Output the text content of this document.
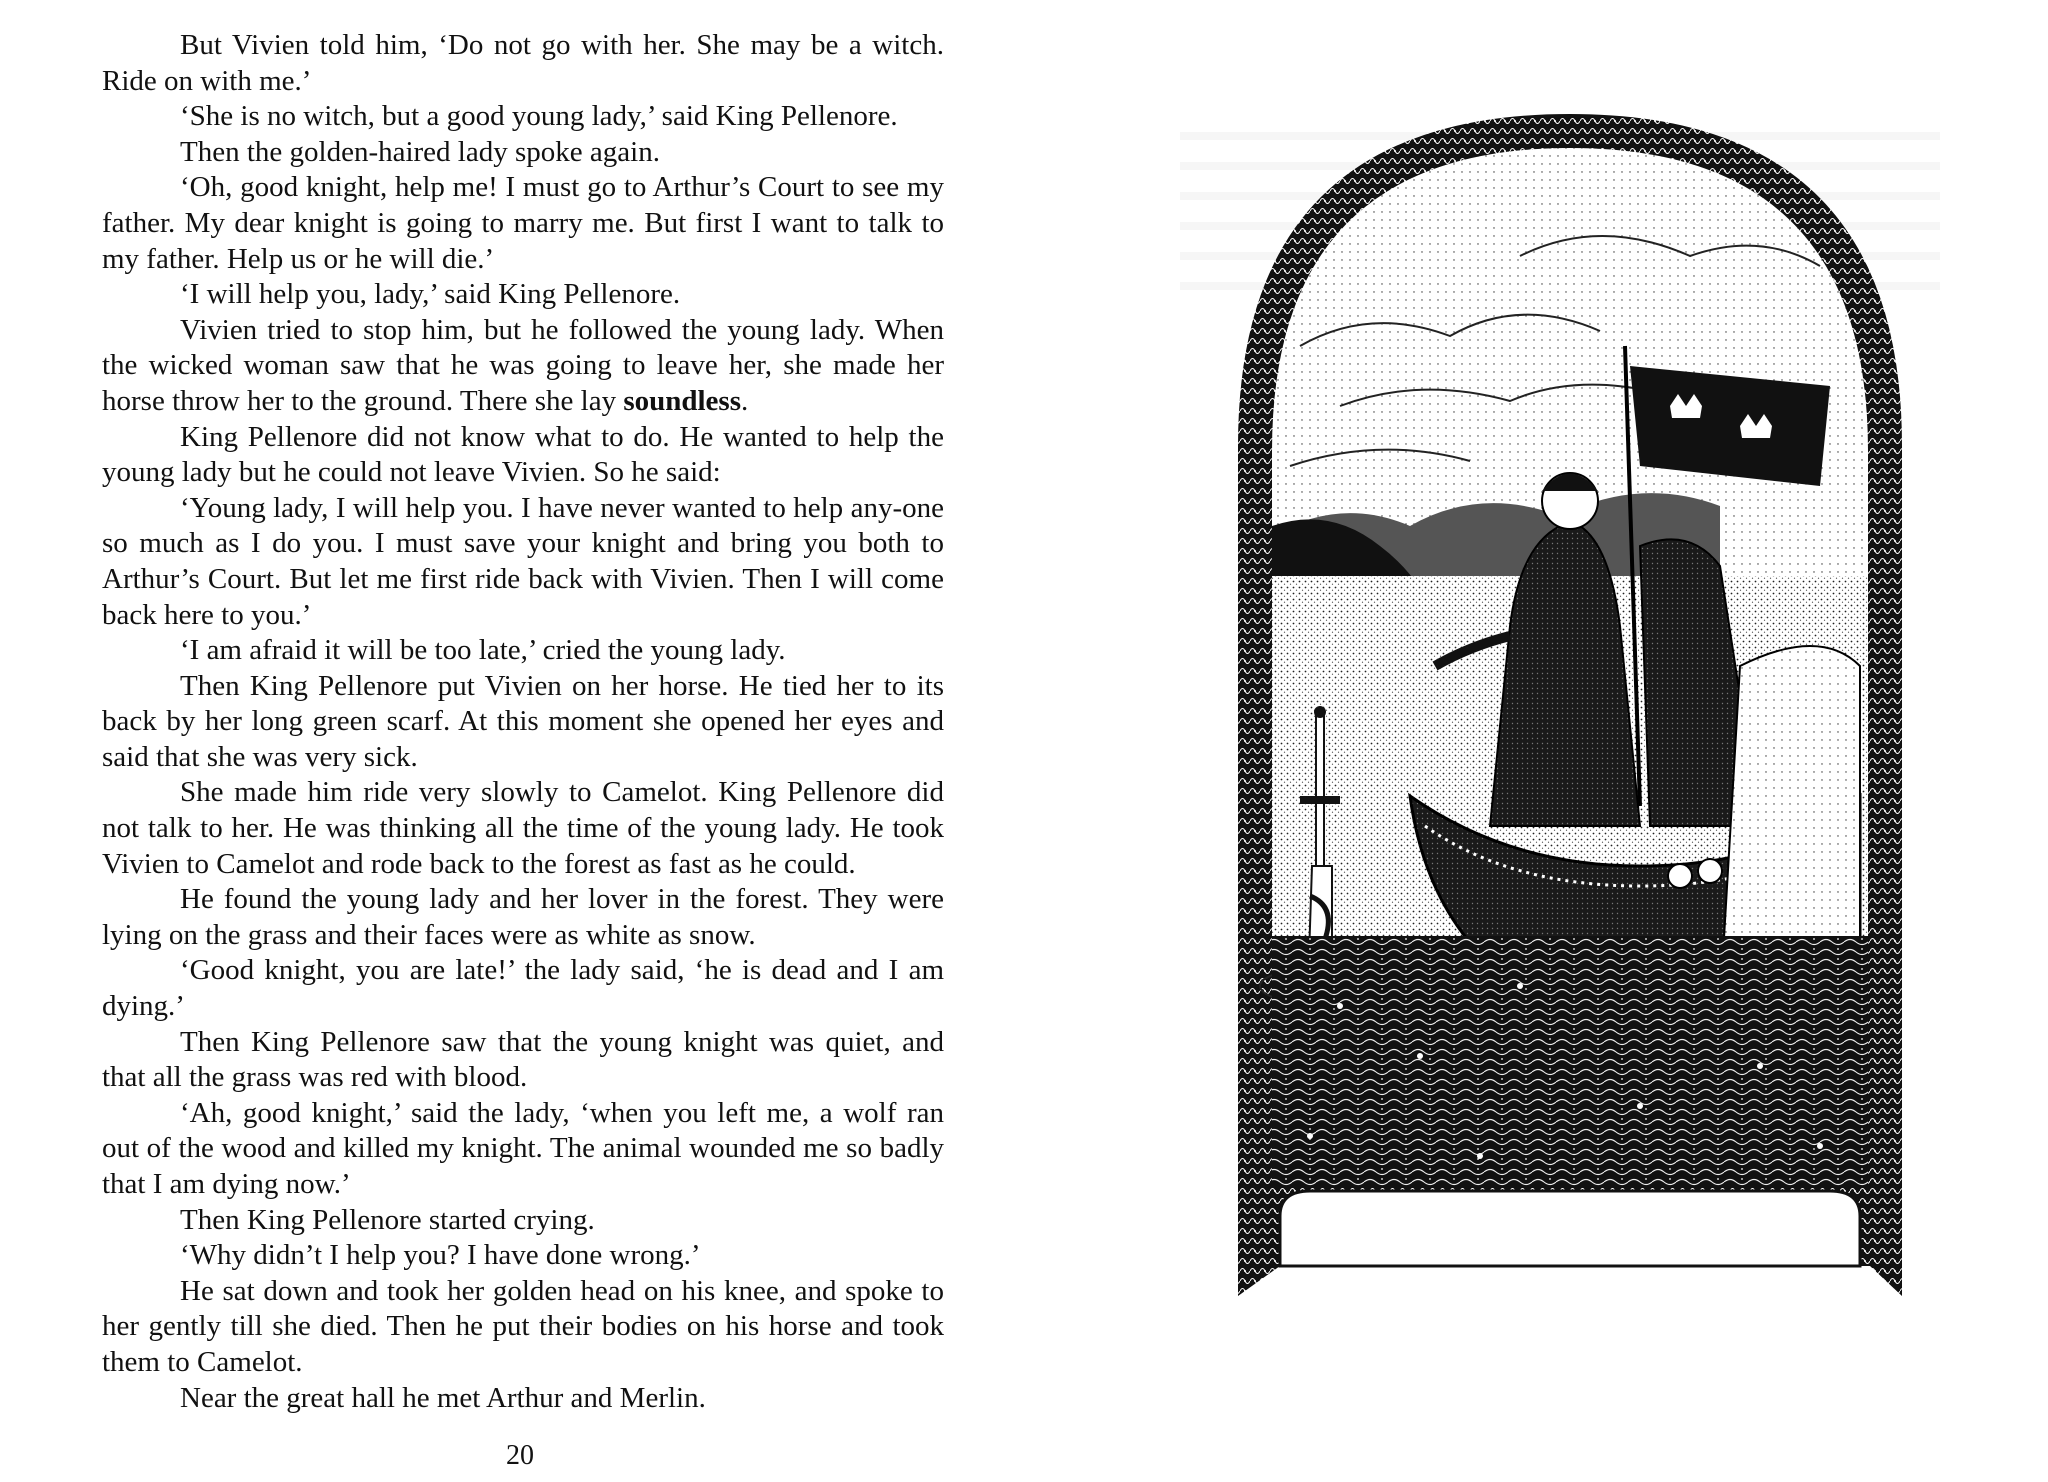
But Vivien told him, ‘Do not go with her. She may be a witch. Ride on with me.’

‘She is no witch, but a good young lady,’ said King Pellenore.

Then the golden-haired lady spoke again.

‘Oh, good knight, help me! I must go to Arthur’s Court to see my father. My dear knight is going to marry me. But first I want to talk to my father. Help us or he will die.’

‘I will help you, lady,’ said King Pellenore.

Vivien tried to stop him, but he followed the young lady. When the wicked woman saw that he was going to leave her, she made her horse throw her to the ground. There she lay soundless.

King Pellenore did not know what to do. He wanted to help the young lady but he could not leave Vivien. So he said:

‘Young lady, I will help you. I have never wanted to help any-one so much as I do you. I must save your knight and bring you both to Arthur’s Court. But let me first ride back with Vivien. Then I will come back here to you.’

‘I am afraid it will be too late,’ cried the young lady.

Then King Pellenore put Vivien on her horse. He tied her to its back by her long green scarf. At this moment she opened her eyes and said that she was very sick.

She made him ride very slowly to Camelot. King Pellenore did not talk to her. He was thinking all the time of the young lady. He took Vivien to Camelot and rode back to the forest as fast as he could.

He found the young lady and her lover in the forest. They were lying on the grass and their faces were as white as snow.

‘Good knight, you are late!’ the lady said, ‘he is dead and I am dying.’

Then King Pellenore saw that the young knight was quiet, and that all the grass was red with blood.

‘Ah, good knight,’ said the lady, ‘when you left me, a wolf ran out of the wood and killed my knight. The animal wounded me so badly that I am dying now.’

Then King Pellenore started crying.

‘Why didn’t I help you? I have done wrong.’

He sat down and took her golden head on his knee, and spoke to her gently till she died. Then he put their bodies on his horse and took them to Camelot.

Near the great hall he met Arthur and Merlin.

20
